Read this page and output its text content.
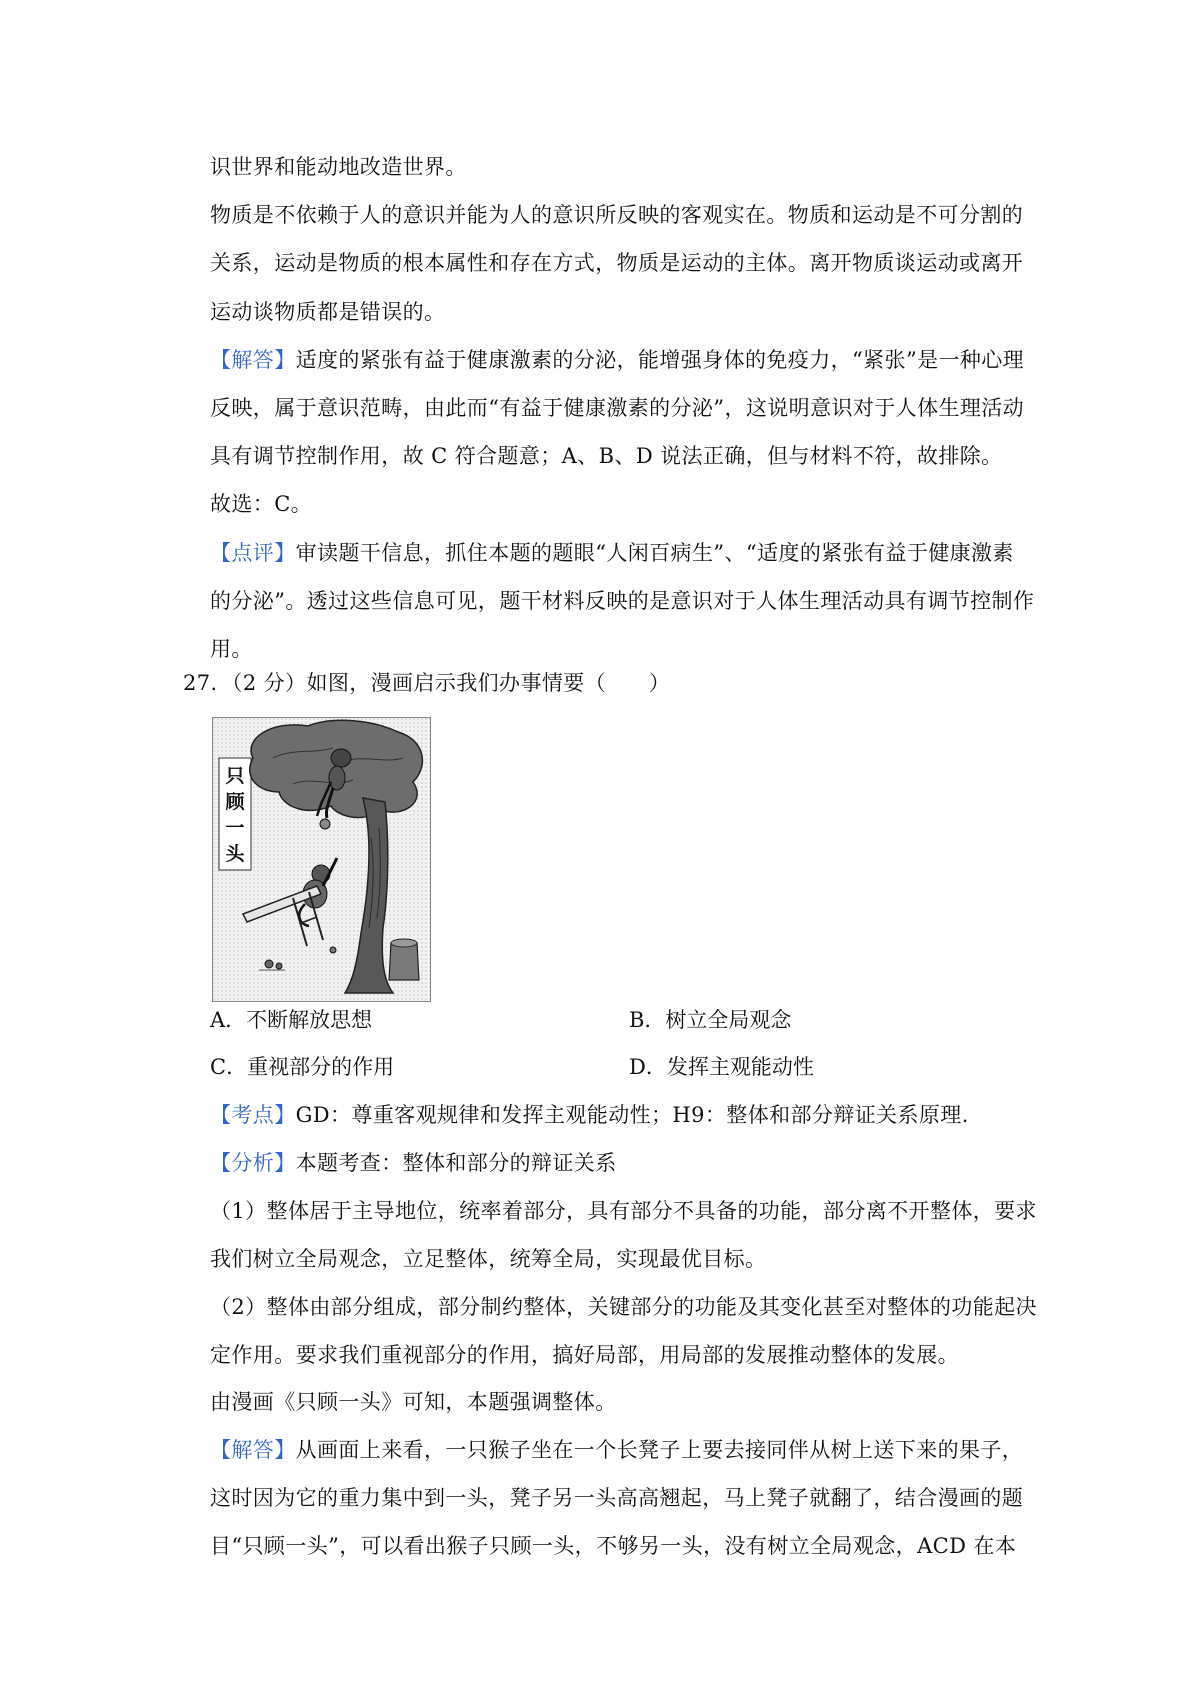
识世界和能动地改造世界。
物质是不依赖于人的意识并能为人的意识所反映的客观实在。物质和运动是不可分割的
关系，运动是物质的根本属性和存在方式，物质是运动的主体。离开物质谈运动或离开
运动谈物质都是错误的。
【解答】适度的紧张有益于健康激素的分泌，能增强身体的免疫力，“紧张”是一种心理
反映，属于意识范畴，由此而“有益于健康激素的分泌”，这说明意识对于人体生理活动
具有调节控制作用，故 C 符合题意；A、B、D 说法正确，但与材料不符，故排除。
故选：C。
【点评】审读题干信息，抓住本题的题眼“人闲百病生”、“适度的紧张有益于健康激素
的分泌”。透过这些信息可见，题干材料反映的是意识对于人体生理活动具有调节控制作
用。
27．（2 分）如图，漫画启示我们办事情要（　　）
只
顾
一
头
A．不断解放思想	B．树立全局观念
C．重视部分的作用	D．发挥主观能动性
【考点】GD：尊重客观规律和发挥主观能动性；H9：整体和部分辩证关系原理.
【分析】本题考查：整体和部分的辩证关系
（1）整体居于主导地位，统率着部分，具有部分不具备的功能，部分离不开整体，要求
我们树立全局观念，立足整体，统筹全局，实现最优目标。
（2）整体由部分组成，部分制约整体，关键部分的功能及其变化甚至对整体的功能起决
定作用。要求我们重视部分的作用，搞好局部，用局部的发展推动整体的发展。
由漫画《只顾一头》可知，本题强调整体。
【解答】从画面上来看，一只猴子坐在一个长凳子上要去接同伴从树上送下来的果子，
这时因为它的重力集中到一头，凳子另一头高高翘起，马上凳子就翻了，结合漫画的题
目“只顾一头”，可以看出猴子只顾一头，不够另一头，没有树立全局观念，ACD 在本
